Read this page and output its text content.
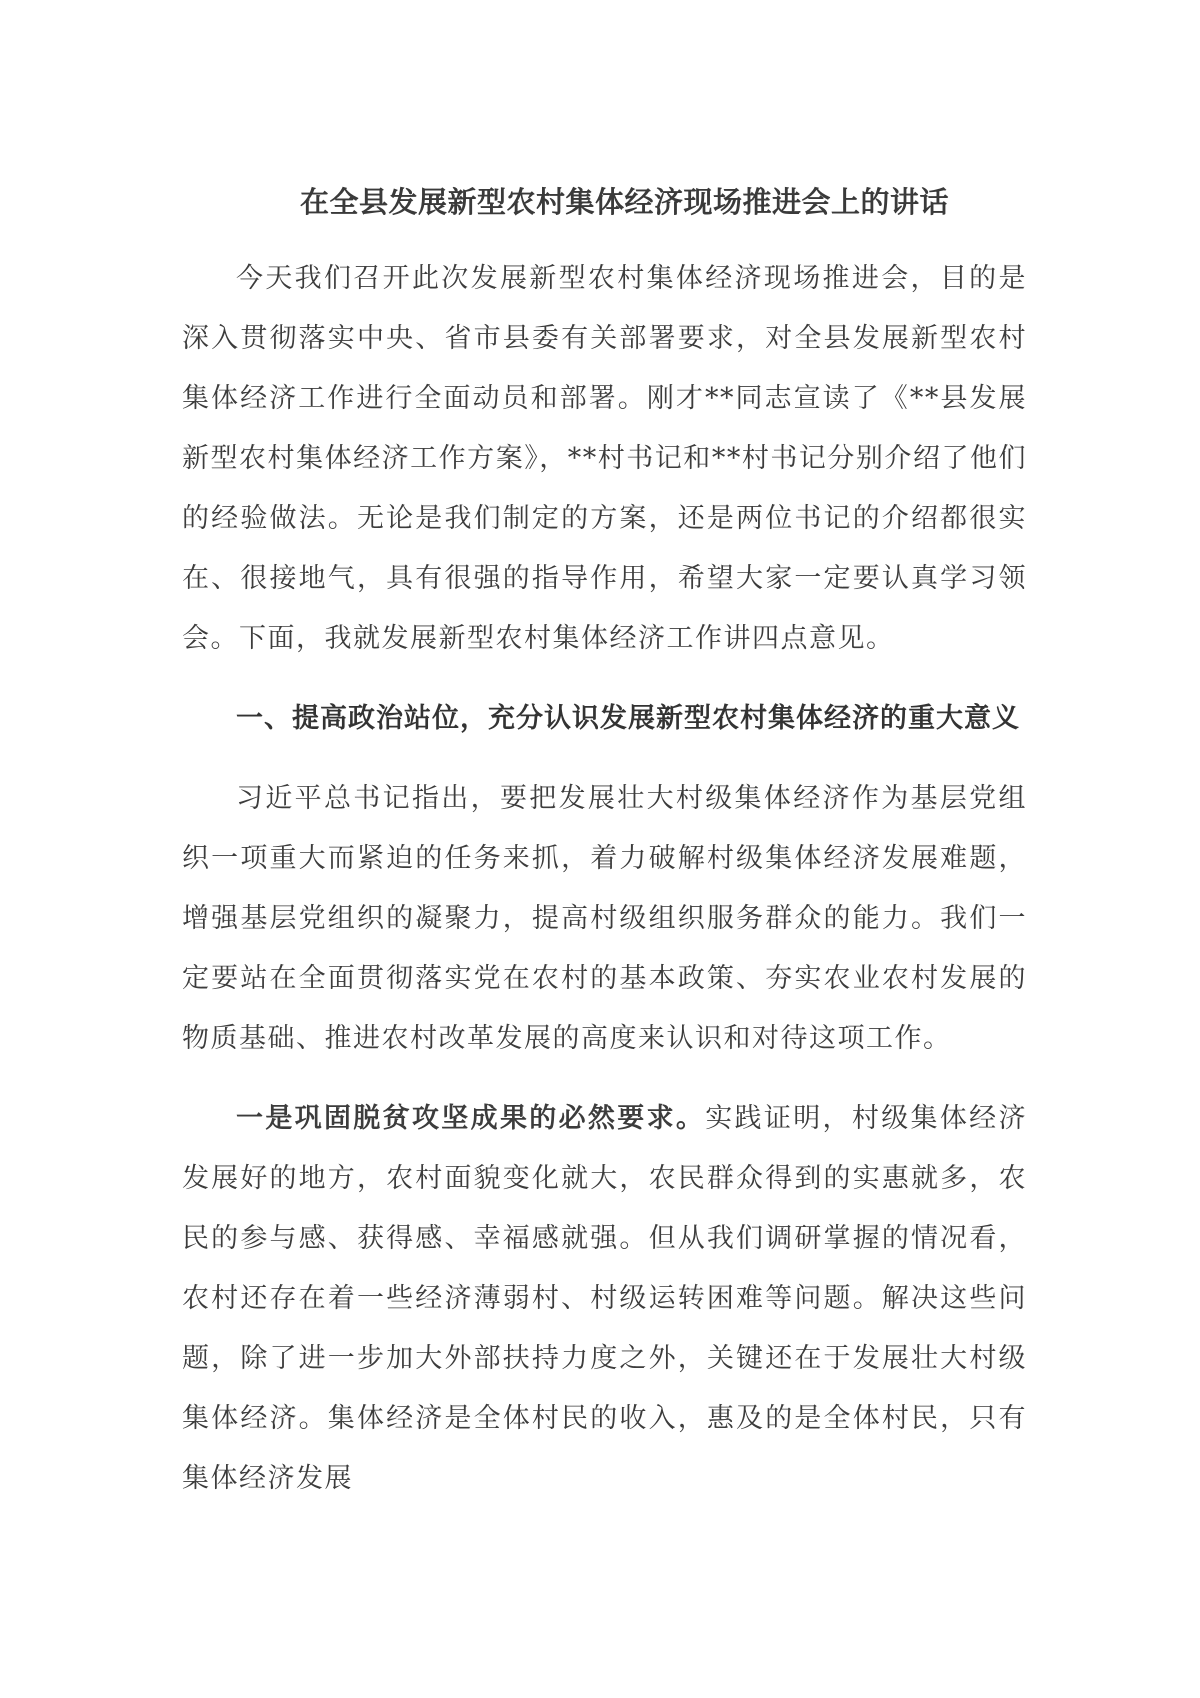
在全县发展新型农村集体经济现场推进会上的讲话

今天我们召开此次发展新型农村集体经济现场推进会，目的是深入贯彻落实中央、省市县委有关部署要求，对全县发展新型农村集体经济工作进行全面动员和部署。刚才**同志宣读了《**县发展新型农村集体经济工作方案》，**村书记和**村书记分别介绍了他们的经验做法。无论是我们制定的方案，还是两位书记的介绍都很实在、很接地气，具有很强的指导作用，希望大家一定要认真学习领会。下面，我就发展新型农村集体经济工作讲四点意见。

一、提高政治站位，充分认识发展新型农村集体经济的重大意义

习近平总书记指出，要把发展壮大村级集体经济作为基层党组织一项重大而紧迫的任务来抓，着力破解村级集体经济发展难题，增强基层党组织的凝聚力，提高村级组织服务群众的能力。我们一定要站在全面贯彻落实党在农村的基本政策、夯实农业农村发展的物质基础、推进农村改革发展的高度来认识和对待这项工作。

一是巩固脱贫攻坚成果的必然要求。实践证明，村级集体经济发展好的地方，农村面貌变化就大，农民群众得到的实惠就多，农民的参与感、获得感、幸福感就强。但从我们调研掌握的情况看，农村还存在着一些经济薄弱村、村级运转困难等问题。解决这些问题，除了进一步加大外部扶持力度之外，关键还在于发展壮大村级集体经济。集体经济是全体村民的收入，惠及的是全体村民，只有集体经济发展
